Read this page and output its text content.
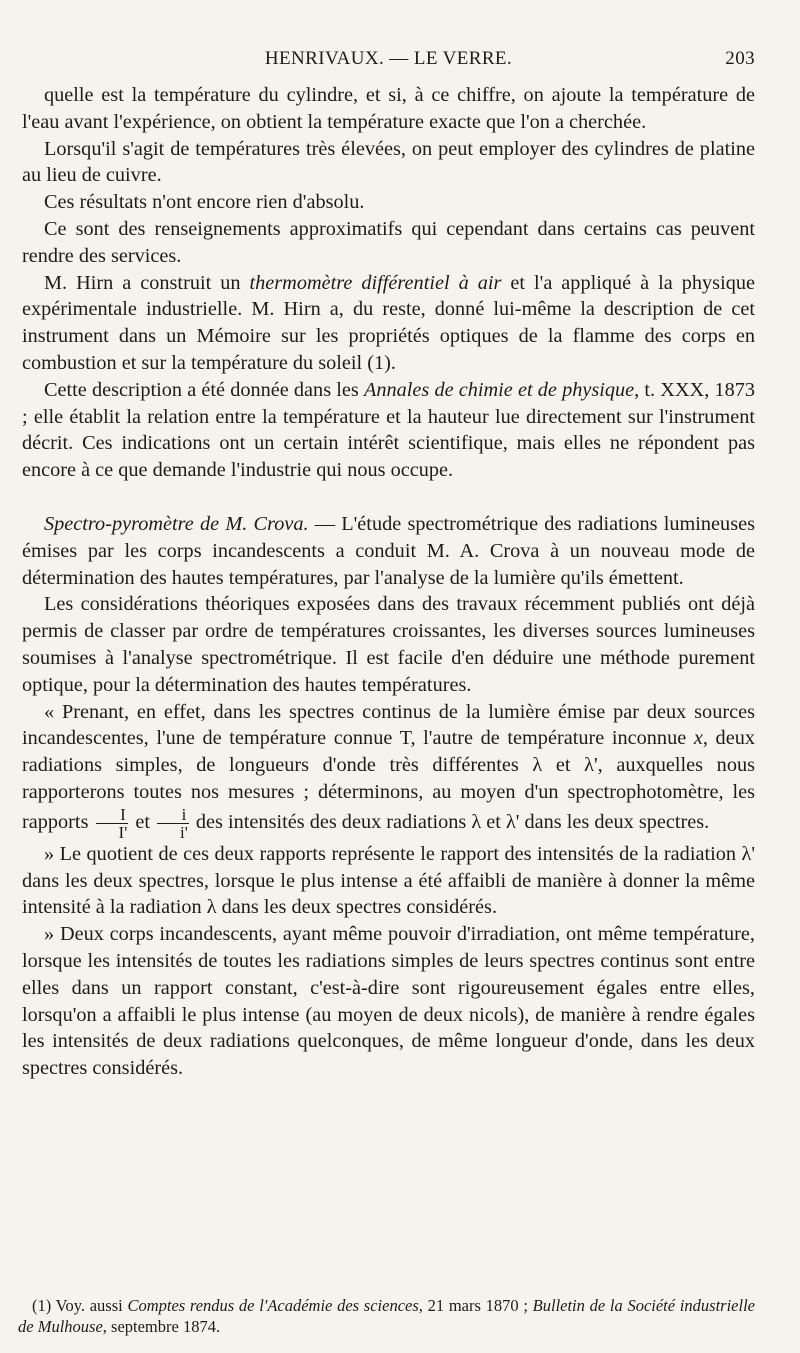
HENRIVAUX. — LE VERRE.	203

quelle est la température du cylindre, et si, à ce chiffre, on ajoute la température de l'eau avant l'expérience, on obtient la température exacte que l'on a cherchée.

Lorsqu'il s'agit de températures très élevées, on peut employer des cylindres de platine au lieu de cuivre.

Ces résultats n'ont encore rien d'absolu.

Ce sont des renseignements approximatifs qui cependant dans certains cas peuvent rendre des services.

M. Hirn a construit un thermomètre différentiel à air et l'a appliqué à la physique expérimentale industrielle. M. Hirn a, du reste, donné lui-même la description de cet instrument dans un Mémoire sur les propriétés optiques de la flamme des corps en combustion et sur la température du soleil (1).

Cette description a été donnée dans les Annales de chimie et de physique, t. XXX, 1873 ; elle établit la relation entre la température et la hauteur lue directement sur l'instrument décrit. Ces indications ont un certain intérêt scientifique, mais elles ne répondent pas encore à ce que demande l'industrie qui nous occupe.

Spectro-pyromètre de M. Crova. — L'étude spectrométrique des radiations lumineuses émises par les corps incandescents a conduit M. A. Crova à un nouveau mode de détermination des hautes températures, par l'analyse de la lumière qu'ils émettent.

Les considérations théoriques exposées dans des travaux récemment publiés ont déjà permis de classer par ordre de températures croissantes, les diverses sources lumineuses soumises à l'analyse spectrométrique. Il est facile d'en déduire une méthode purement optique, pour la détermination des hautes températures.

« Prenant, en effet, dans les spectres continus de la lumière émise par deux sources incandescentes, l'une de température connue T, l'autre de température inconnue x, deux radiations simples, de longueurs d'onde très différentes λ et λ', auxquelles nous rapporterons toutes nos mesures ; déterminons, au moyen d'un spectrophotomètre, les rapports $\frac{I}{I'}$ et $\frac{i}{i'}$ des intensités des deux radiations λ et λ' dans les deux spectres.

» Le quotient de ces deux rapports représente le rapport des intensités de la radiation λ' dans les deux spectres, lorsque le plus intense a été affaibli de manière à donner la même intensité à la radiation λ dans les deux spectres considérés.

» Deux corps incandescents, ayant même pouvoir d'irradiation, ont même température, lorsque les intensités de toutes les radiations simples de leurs spectres continus sont entre elles dans un rapport constant, c'est-à-dire sont rigoureusement égales entre elles, lorsqu'on a affaibli le plus intense (au moyen de deux nicols), de manière à rendre égales les intensités de deux radiations quelconques, de même longueur d'onde, dans les deux spectres considérés.

(1) Voy. aussi Comptes rendus de l'Académie des sciences, 21 mars 1870 ; Bulletin de la Société industrielle de Mulhouse, septembre 1874.
